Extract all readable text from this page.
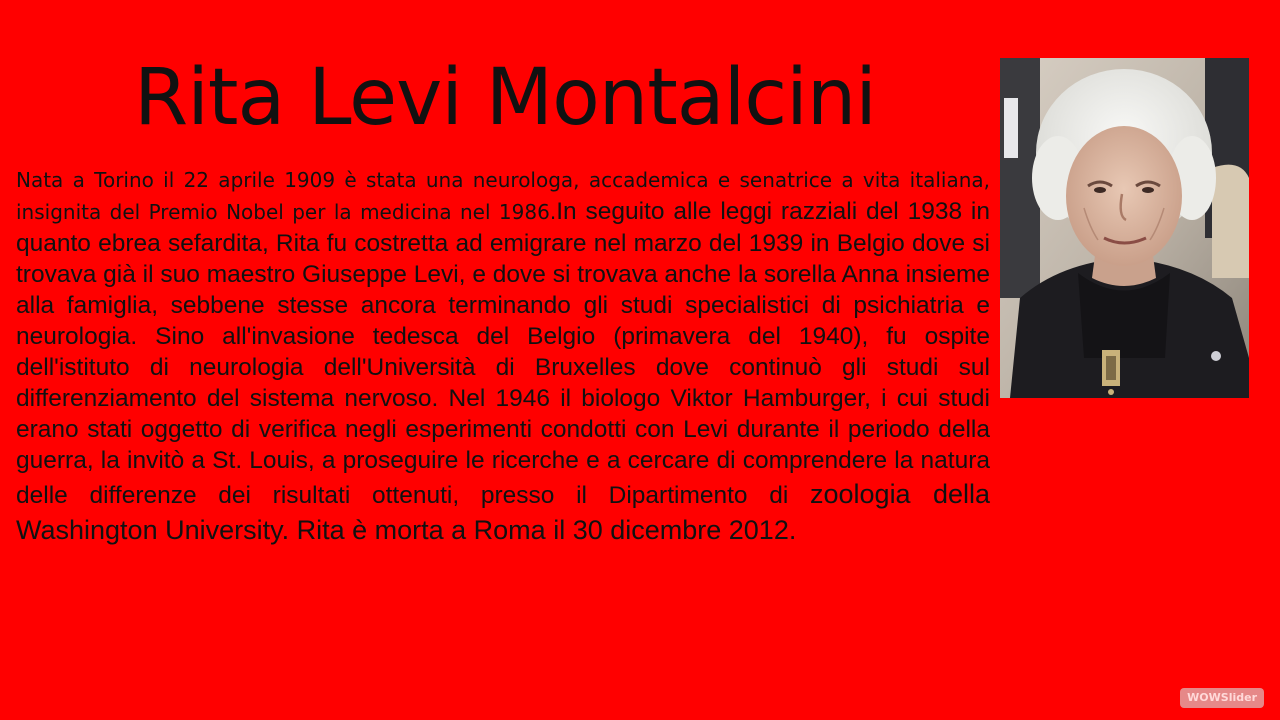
Rita Levi Montalcini

Nata a Torino il 22 aprile 1909 è stata una neurologa, accademica e senatrice a vita italiana, insignita del Premio Nobel per la medicina nel 1986.In seguito alle leggi razziali del 1938 in quanto ebrea sefardita, Rita fu costretta ad emigrare nel marzo del 1939 in Belgio dove si trovava già il suo maestro Giuseppe Levi, e dove si trovava anche la sorella Anna insieme alla famiglia, sebbene stesse ancora terminando gli studi specialistici di psichiatria e neurologia. Sino all'invasione tedesca del Belgio (primavera del 1940), fu ospite dell'istituto di neurologia dell'Università di Bruxelles dove continuò gli studi sul differenziamento del sistema nervoso. Nel 1946 il biologo Viktor Hamburger, i cui studi erano stati oggetto di verifica negli esperimenti condotti con Levi durante il periodo della guerra, la invitò a St. Louis, a proseguire le ricerche e a cercare di comprendere la natura delle differenze dei risultati ottenuti, presso il Dipartimento di zoologia della Washington University. Rita è morta a Roma il 30 dicembre 2012.

WOWSlider
